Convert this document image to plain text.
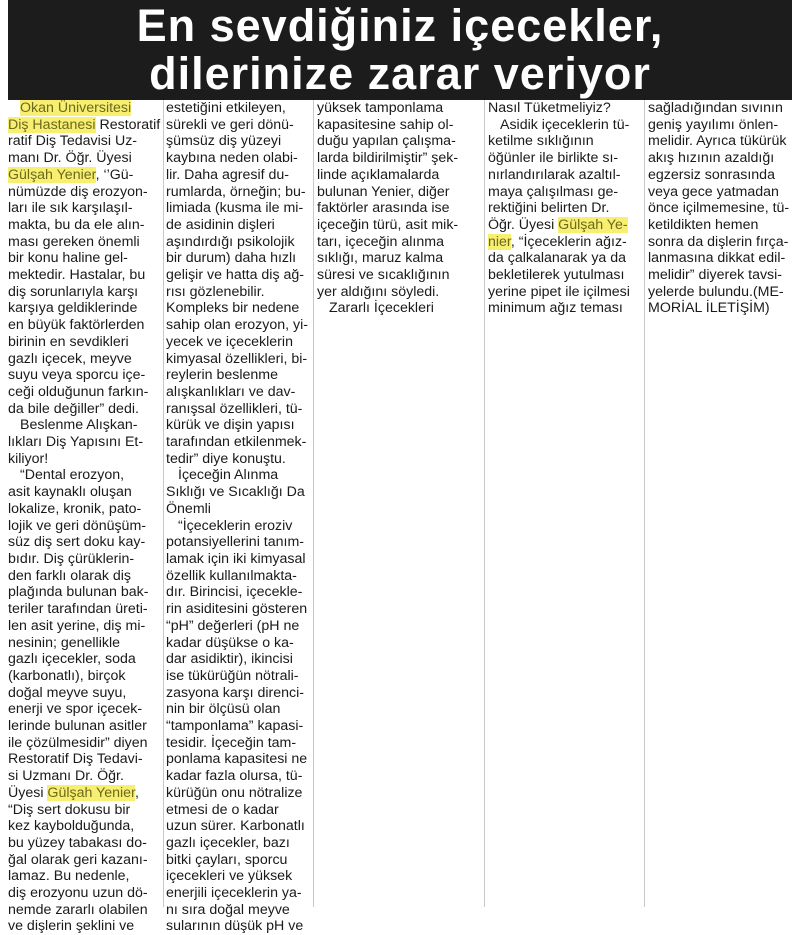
En sevdiğiniz içecekler,
dilerinize zarar veriyor
Okan Üniversitesi
Diş Hastanesi Restoratif
ratif Diş Tedavisi Uz-
manı Dr. Öğr. Üyesi
Gülşah Yenier, ‘’Gü-
nümüzde diş erozyon-
ları ile sık karşılaşıl-
makta, bu da ele alın-
ması gereken önemli
bir konu haline gel-
mektedir. Hastalar, bu
diş sorunlarıyla karşı
karşıya geldiklerinde
en büyük faktörlerden
birinin en sevdikleri
gazlı içecek, meyve
suyu veya sporcu içe-
ceği olduğunun farkın-
da bile değiller” dedi.
Beslenme Alışkan-
lıkları Diş Yapısını Et-
kiliyor!
“Dental erozyon,
asit kaynaklı oluşan
lokalize, kronik, pato-
lojik ve geri dönüşüm-
süz diş sert doku kay-
bıdır. Diş çürüklerin-
den farklı olarak diş
plağında bulunan bak-
teriler tarafından üreti-
len asit yerine, diş mi-
nesinin; genellikle
gazlı içecekler, soda
(karbonatlı), birçok
doğal meyve suyu,
enerji ve spor içecek-
lerinde bulunan asitler
ile çözülmesidir” diyen
Restoratif Diş Tedavi-
si Uzmanı Dr. Öğr.
Üyesi Gülşah Yenier,
“Diş sert dokusu bir
kez kaybolduğunda,
bu yüzey tabakası do-
ğal olarak geri kazanı-
lamaz. Bu nedenle,
diş erozyonu uzun dö-
nemde zararlı olabilen
ve dişlerin şeklini ve
estetiğini etkileyen,
sürekli ve geri dönü-
şümsüz diş yüzeyi
kaybına neden olabi-
lir. Daha agresif du-
rumlarda, örneğin; bu-
limiada (kusma ile mi-
de asidinin dişleri
aşındırdığı psikolojik
bir durum) daha hızlı
gelişir ve hatta diş ağ-
rısı gözlenebilir.
Kompleks bir nedene
sahip olan erozyon, yi-
yecek ve içeceklerin
kimyasal özellikleri, bi-
reylerin beslenme
alışkanlıkları ve dav-
ranışsal özellikleri, tü-
kürük ve dişin yapısı
tarafından etkilenmek-
tedir” diye konuştu.
İçeceğin Alınma
Sıklığı ve Sıcaklığı Da
Önemli
“İçeceklerin eroziv
potansiyellerini tanım-
lamak için iki kimyasal
özellik kullanılmakta-
dır. Birincisi, içecekle-
rin asiditesini gösteren
“pH” değerleri (pH ne
kadar düşükse o ka-
dar asidiktir), ikincisi
ise tükürüğün nötrali-
zasyona karşı direnci-
nin bir ölçüsü olan
“tamponlama” kapasi-
tesidir. İçeceğin tam-
ponlama kapasitesi ne
kadar fazla olursa, tü-
kürüğün onu nötralize
etmesi de o kadar
uzun sürer. Karbonatlı
gazlı içecekler, bazı
bitki çayları, sporcu
içecekleri ve yüksek
enerjili içeceklerin ya-
nı sıra doğal meyve
sularının düşük pH ve
yüksek tamponlama
kapasitesine sahip ol-
duğu yapılan çalışma-
larda bildirilmiştir” şek-
linde açıklamalarda
bulunan Yenier, diğer
faktörler arasında ise
içeceğin türü, asit mik-
tarı, içeceğin alınma
sıklığı, maruz kalma
süresi ve sıcaklığının
yer aldığını söyledi.
Zararlı İçecekleri
Nasıl Tüketmeliyiz?
Asidik içeceklerin tü-
ketilme sıklığının
öğünler ile birlikte sı-
nırlandırılarak azaltıl-
maya çalışılması ge-
rektiğini belirten Dr.
Öğr. Üyesi Gülşah Ye-
nier, “İçeceklerin ağız-
da çalkalanarak ya da
bekletilerek yutulması
yerine pipet ile içilmesi
minimum ağız teması
sağladığından sıvının
geniş yayılımı önlen-
melidir. Ayrıca tükürük
akış hızının azaldığı
egzersiz sonrasında
veya gece yatmadan
önce içilmemesine, tü-
ketildikten hemen
sonra da dişlerin fırça-
lanmasına dikkat edil-
melidir” diyerek tavsi-
yelerde bulundu.(ME-
MORİAL İLETİŞİM)
